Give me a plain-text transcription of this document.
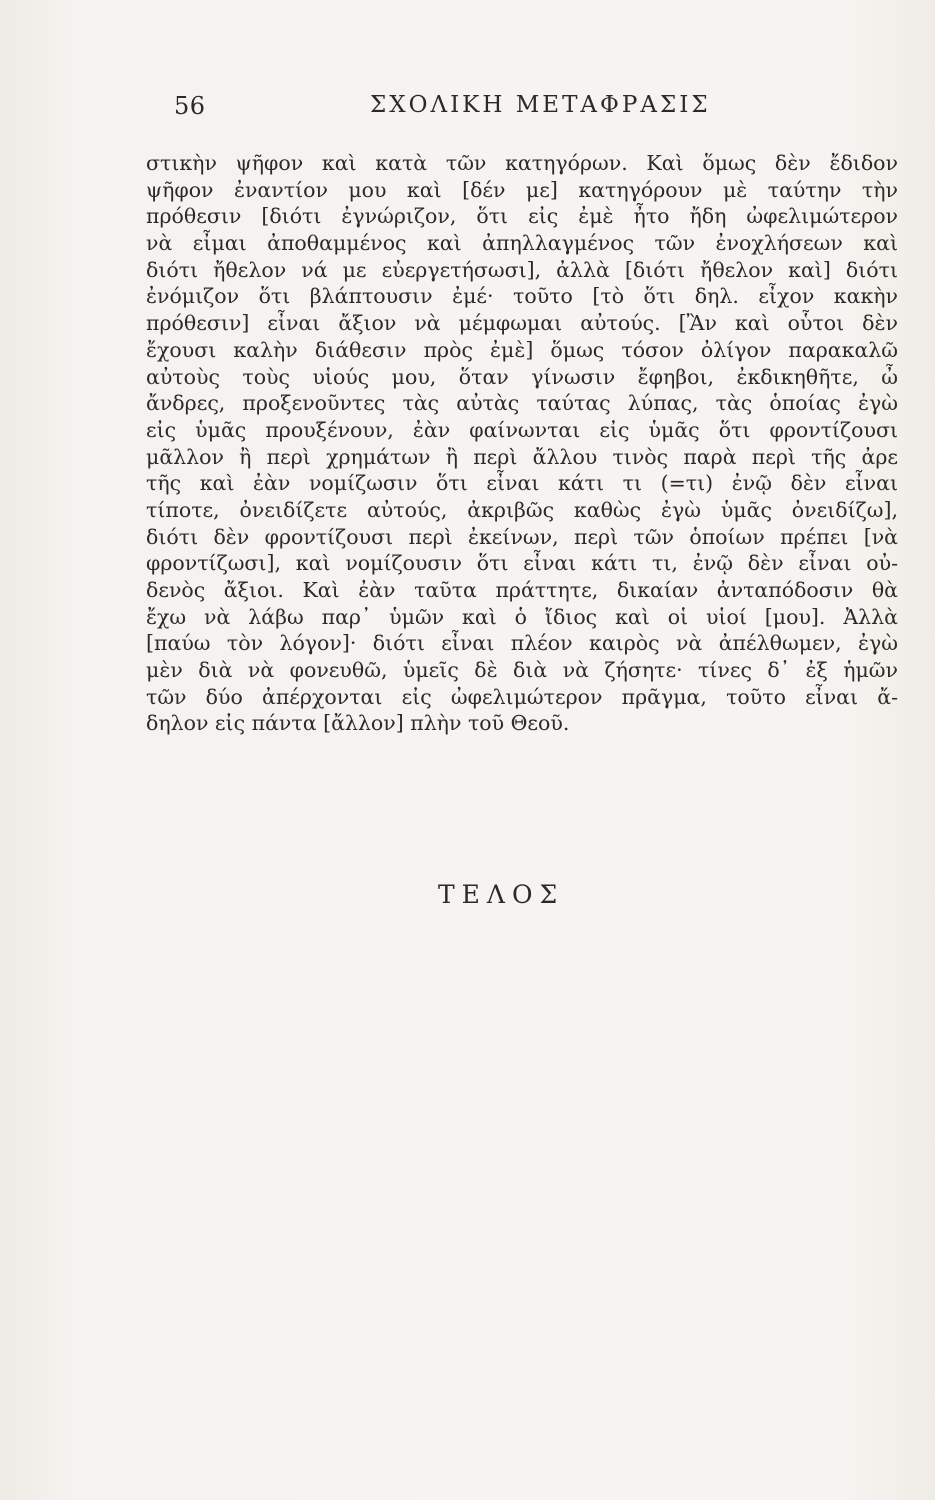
56	ΣΧΟΛΙΚΗ ΜΕΤΑΦΡΑΣΙΣ
στικὴν ψῆφον καὶ κατὰ τῶν κατηγόρων. Καὶ ὅμως δὲν ἔδιδον
ψῆφον ἐναντίον μου καὶ [δέν με] κατηγόρουν μὲ ταύτην τὴν
πρόθεσιν [διότι ἐγνώριζον, ὅτι εἰς ἐμὲ ἦτο ἤδη ὠφελιμώτερον
νὰ εἶμαι ἀποθαμμένος καὶ ἀπηλλαγμένος τῶν ἐνοχλήσεων καὶ
διότι ἤθελον νά με εὐεργετήσωσι], ἀλλὰ [διότι ἤθελον καὶ] διότι
ἐνόμιζον ὅτι βλάπτουσιν ἐμέ· τοῦτο [τὸ ὅτι δηλ. εἶχον κακὴν
πρόθεσιν] εἶναι ἄξιον νὰ μέμφωμαι αὐτούς. [Ἂν καὶ οὗτοι δὲν
ἔχουσι καλὴν διάθεσιν πρὸς ἐμὲ] ὅμως τόσον ὀλίγον παρακαλῶ
αὐτοὺς τοὺς υἱούς μου, ὅταν γίνωσιν ἔφηβοι, ἐκδικηθῆτε, ὦ
ἄνδρες, προξενοῦντες τὰς αὐτὰς ταύτας λύπας, τὰς ὁποίας ἐγὼ
εἰς ὑμᾶς προυξένουν, ἐὰν φαίνωνται εἰς ὑμᾶς ὅτι φροντίζουσι
μᾶλλον ἢ περὶ χρημάτων ἢ περὶ ἄλλου τινὸς παρὰ περὶ τῆς ἀρε
τῆς καὶ ἐὰν νομίζωσιν ὅτι εἶναι κάτι τι (=τι) ἐνῷ δὲν εἶναι
τίποτε, ὀνειδίζετε αὐτούς, ἀκριβῶς καθὼς ἐγὼ ὑμᾶς ὀνειδίζω],
διότι δὲν φροντίζουσι περὶ ἐκείνων, περὶ τῶν ὁποίων πρέπει [νὰ
φροντίζωσι], καὶ νομίζουσιν ὅτι εἶναι κάτι τι, ἐνῷ δὲν εἶναι οὐ-
δενὸς ἄξιοι. Καὶ ἐὰν ταῦτα πράττητε, δικαίαν ἀνταπόδοσιν θὰ
ἔχω νὰ λάβω παρ᾽ ὑμῶν καὶ ὁ ἴδιος καὶ οἱ υἱοί [μου]. Ἀλλὰ
[παύω τὸν λόγον]· διότι εἶναι πλέον καιρὸς νὰ ἀπέλθωμεν, ἐγὼ
μὲν διὰ νὰ φονευθῶ, ὑμεῖς δὲ διὰ νὰ ζήσητε· τίνες δ᾽ ἐξ ἡμῶν
τῶν δύο ἀπέρχονται εἰς ὠφελιμώτερον πρᾶγμα, τοῦτο εἶναι ἄ-
δηλον εἰς πάντα [ἄλλον] πλὴν τοῦ Θεοῦ.
ΤΕΛΟΣ
